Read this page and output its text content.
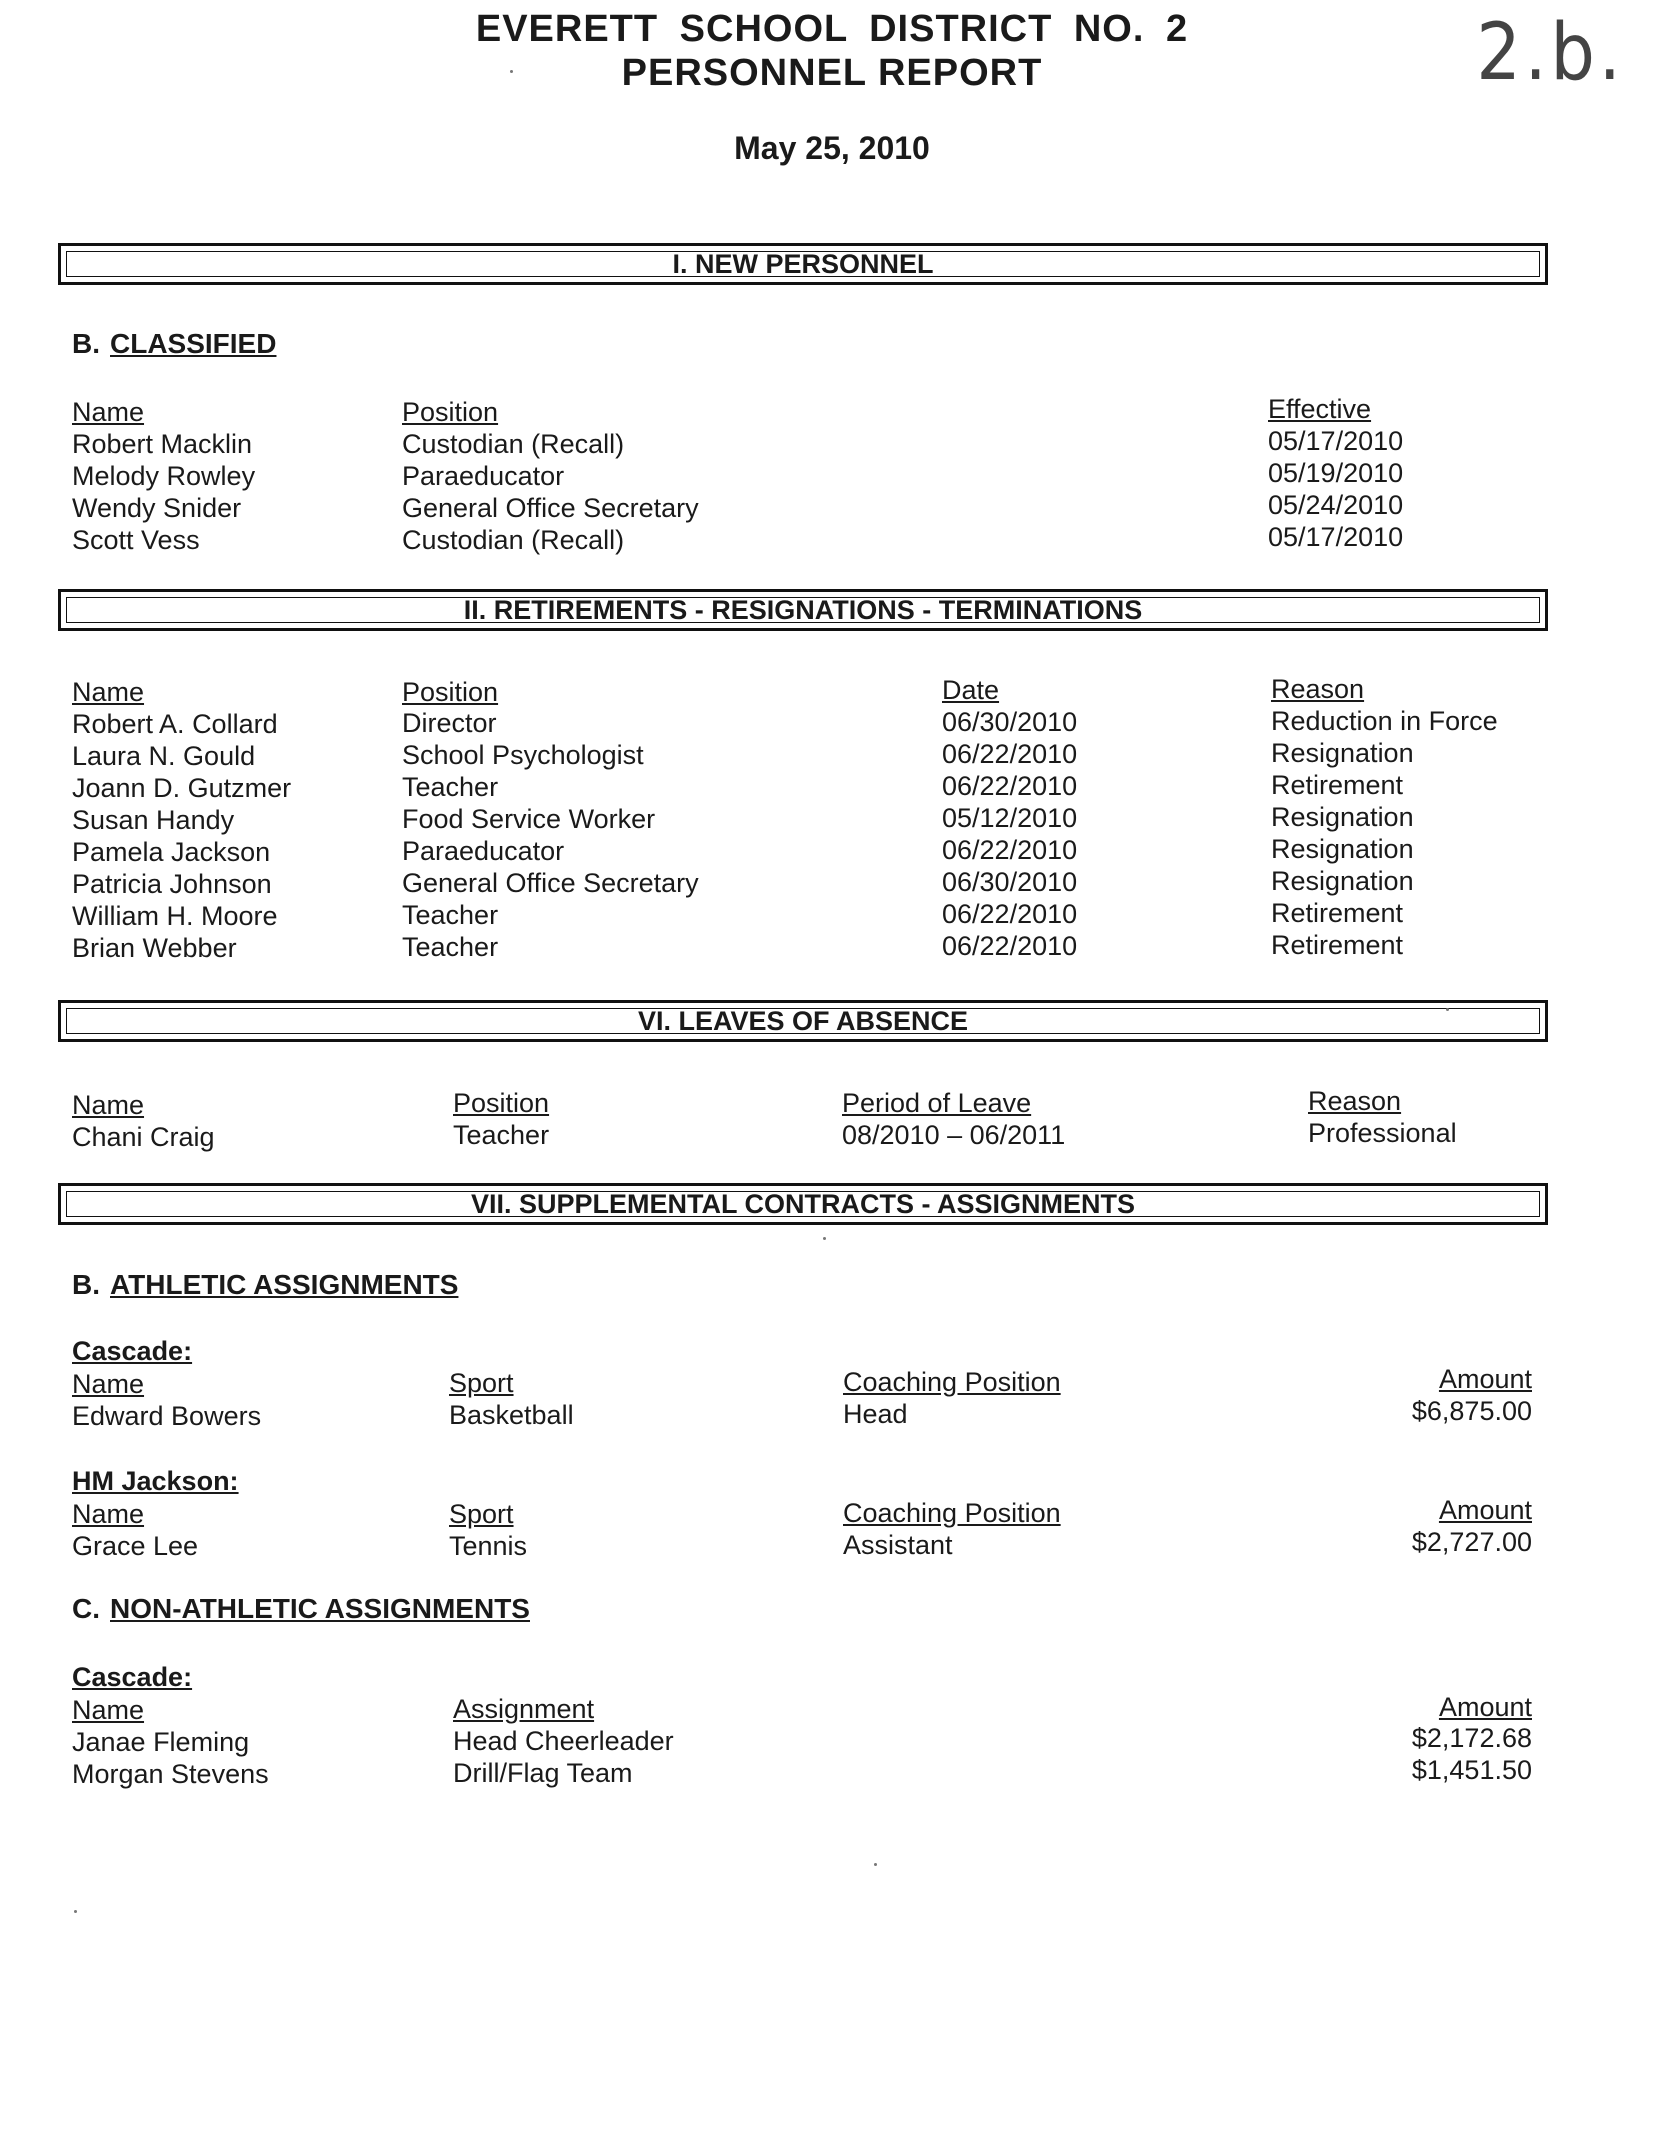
EVERETT SCHOOL DISTRICT NO. 2
PERSONNEL REPORT	2.b.
May 25, 2010
I. NEW PERSONNEL
B. CLASSIFIED
Name	Position	Effective
Robert Macklin	Custodian (Recall)	05/17/2010
Melody Rowley	Paraeducator	05/19/2010
Wendy Snider	General Office Secretary	05/24/2010
Scott Vess	Custodian (Recall)	05/17/2010
II. RETIREMENTS - RESIGNATIONS - TERMINATIONS
Name	Position	Date	Reason
Robert A. Collard	Director	06/30/2010	Reduction in Force
Laura N. Gould	School Psychologist	06/22/2010	Resignation
Joann D. Gutzmer	Teacher	06/22/2010	Retirement
Susan Handy	Food Service Worker	05/12/2010	Resignation
Pamela Jackson	Paraeducator	06/22/2010	Resignation
Patricia Johnson	General Office Secretary	06/30/2010	Resignation
William H. Moore	Teacher	06/22/2010	Retirement
Brian Webber	Teacher	06/22/2010	Retirement
VI. LEAVES OF ABSENCE
Name	Position	Period of Leave	Reason
Chani Craig	Teacher	08/2010 – 06/2011	Professional
VII. SUPPLEMENTAL CONTRACTS - ASSIGNMENTS
B. ATHLETIC ASSIGNMENTS
Cascade:
Name	Sport	Coaching Position	Amount
Edward Bowers	Basketball	Head	$6,875.00
HM Jackson:
Name	Sport	Coaching Position	Amount
Grace Lee	Tennis	Assistant	$2,727.00
C. NON-ATHLETIC ASSIGNMENTS
Cascade:
Name	Assignment	Amount
Janae Fleming	Head Cheerleader	$2,172.68
Morgan Stevens	Drill/Flag Team	$1,451.50
